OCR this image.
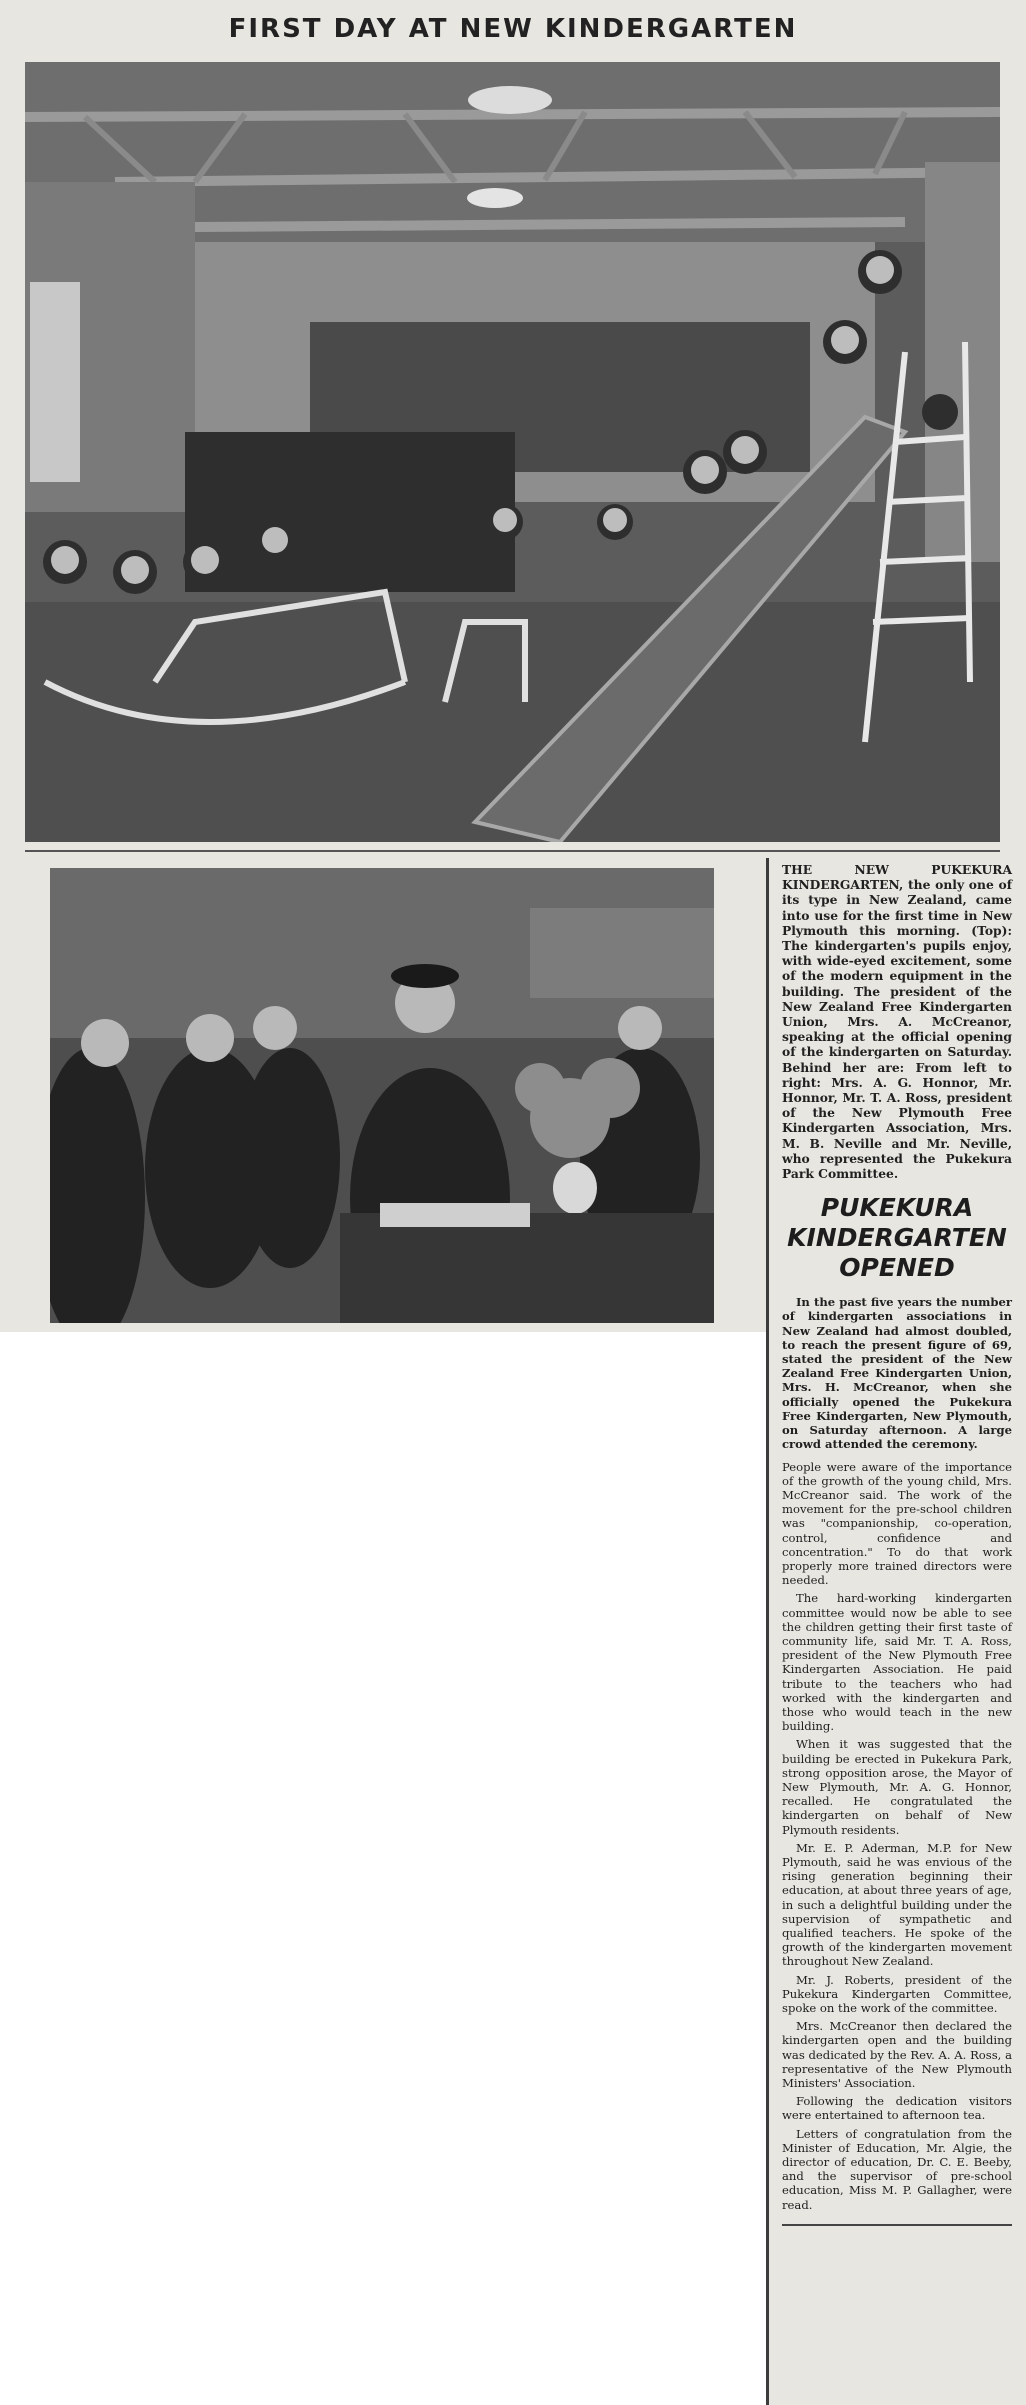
FIRST DAY AT NEW KINDERGARTEN

THE NEW PUKEKURA KINDERGARTEN, the only one of its type in New Zealand, came into use for the first time in New Plymouth this morning. (Top): The kindergarten's pupils enjoy, with wide-eyed excitement, some of the modern equipment in the building. The president of the New Zealand Free Kindergarten Union, Mrs. A. McCreanor, speaking at the official opening of the kindergarten on Saturday. Behind her are: From left to right: Mrs. A. G. Honnor, Mr. Honnor, Mr. T. A. Ross, president of the New Plymouth Free Kindergarten Association, Mrs. M. B. Neville and Mr. Neville, who represented the Pukekura Park Committee.

PUKEKURA
KINDERGARTEN
OPENED

In the past five years the number of kindergarten associations in New Zealand had almost doubled, to reach the present figure of 69, stated the president of the New Zealand Free Kindergarten Union, Mrs. H. McCreanor, when she officially opened the Pukekura Free Kindergarten, New Plymouth, on Saturday afternoon. A large crowd attended the ceremony.

People were aware of the importance of the growth of the young child, Mrs. McCreanor said. The work of the movement for the pre-school children was "companionship, co-operation, control, confidence and concentration." To do that work properly more trained directors were needed.

The hard-working kindergarten committee would now be able to see the children getting their first taste of community life, said Mr. T. A. Ross, president of the New Plymouth Free Kindergarten Association. He paid tribute to the teachers who had worked with the kindergarten and those who would teach in the new building.

When it was suggested that the building be erected in Pukekura Park, strong opposition arose, the Mayor of New Plymouth, Mr. A. G. Honnor, recalled. He congratulated the kindergarten on behalf of New Plymouth residents.

Mr. E. P. Aderman, M.P. for New Plymouth, said he was envious of the rising generation beginning their education, at about three years of age, in such a delightful building under the supervision of sympathetic and qualified teachers. He spoke of the growth of the kindergarten movement throughout New Zealand.

Mr. J. Roberts, president of the Pukekura Kindergarten Committee, spoke on the work of the committee.

Mrs. McCreanor then declared the kindergarten open and the building was dedicated by the Rev. A. A. Ross, a representative of the New Plymouth Ministers' Association.

Following the dedication visitors were entertained to afternoon tea.

Letters of congratulation from the Minister of Education, Mr. Algie, the director of education, Dr. C. E. Beeby, and the supervisor of pre-school education, Miss M. P. Gallagher, were read.
